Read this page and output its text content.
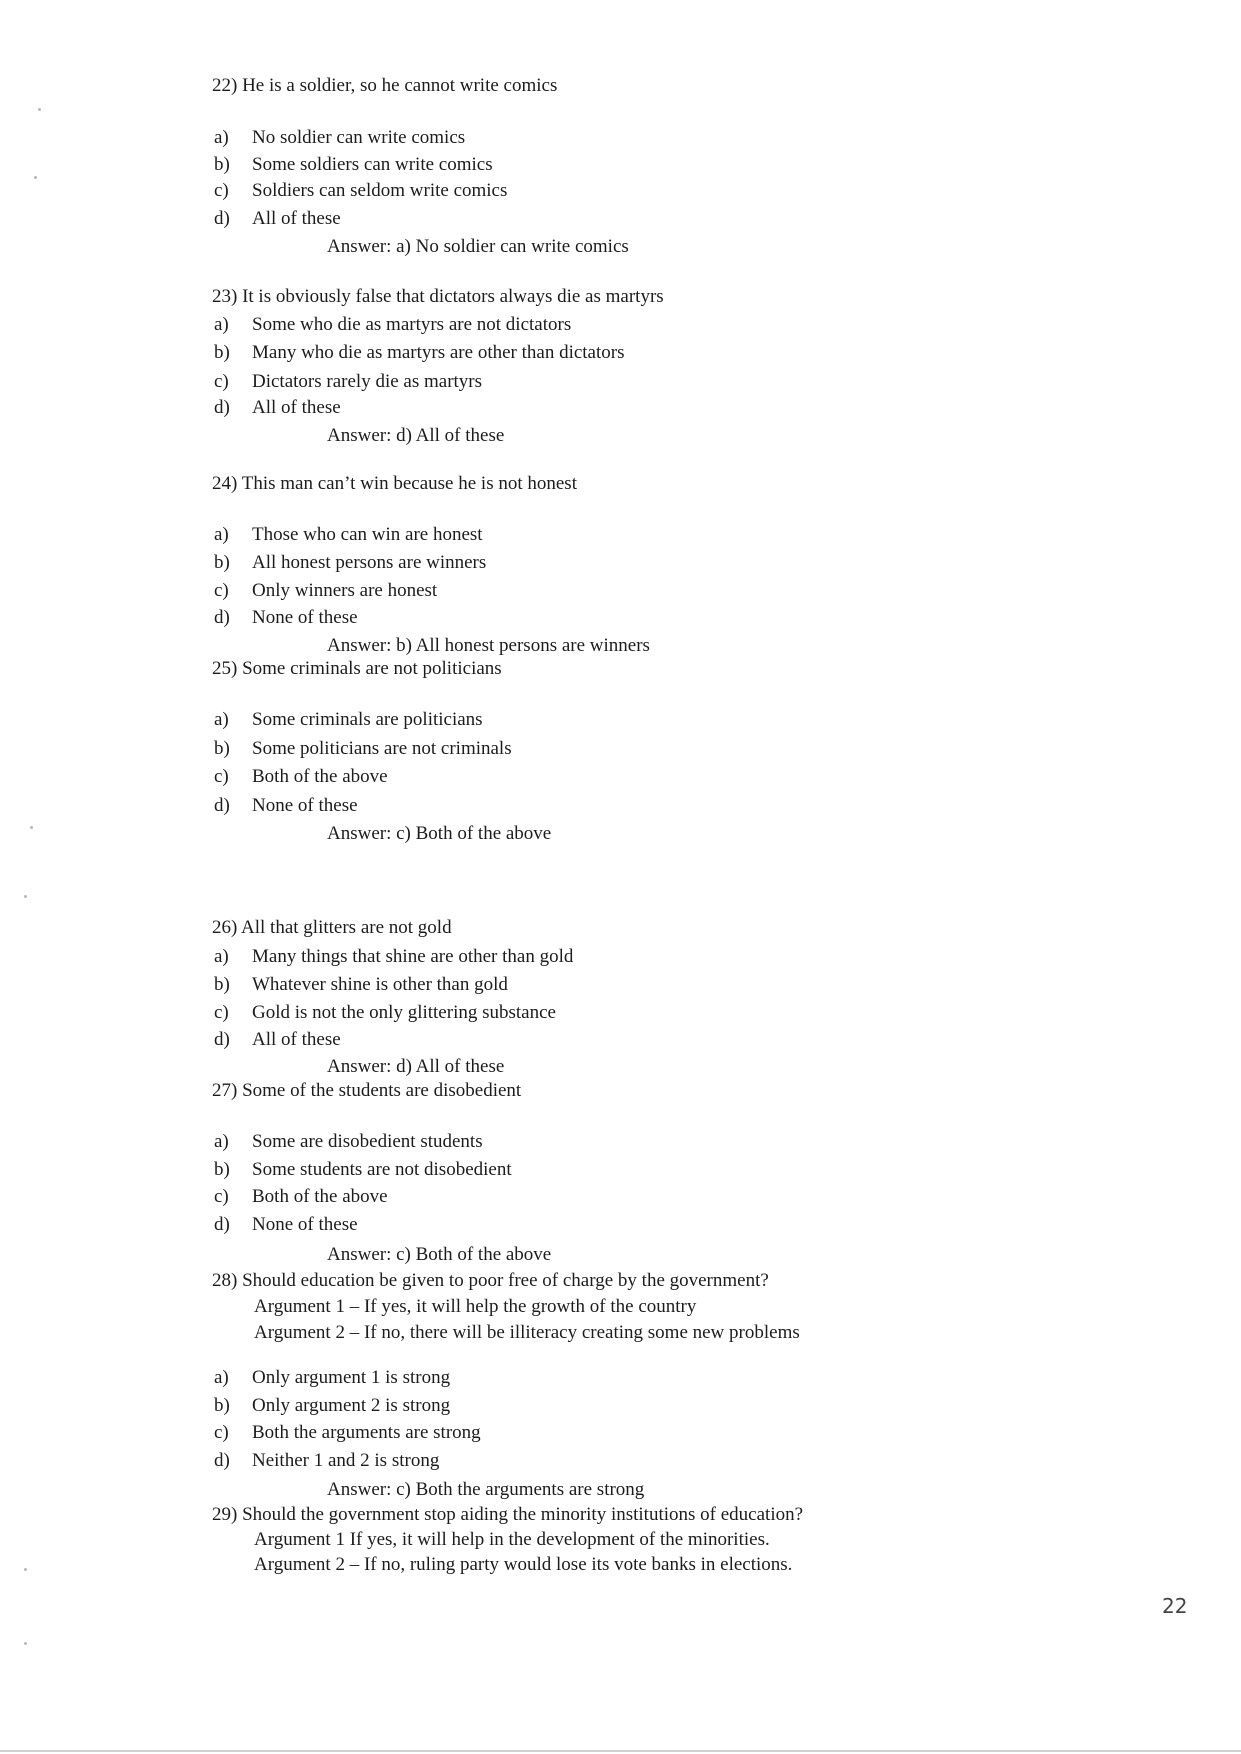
22) He is a soldier, so he cannot write comics
a) No soldier can write comics
b) Some soldiers can write comics
c) Soldiers can seldom write comics
d) All of these
Answer: a) No soldier can write comics
23) It is obviously false that dictators always die as martyrs
a) Some who die as martyrs are not dictators
b) Many who die as martyrs are other than dictators
c) Dictators rarely die as martyrs
d) All of these
Answer: d) All of these
24) This man can’t win because he is not honest
a) Those who can win are honest
b) All honest persons are winners
c) Only winners are honest
d) None of these
Answer: b) All honest persons are winners
25) Some criminals are not politicians
a) Some criminals are politicians
b) Some politicians are not criminals
c) Both of the above
d) None of these
Answer: c) Both of the above
26) All that glitters are not gold
a) Many things that shine are other than gold
b) Whatever shine is other than gold
c) Gold is not the only glittering substance
d) All of these
Answer: d) All of these
27) Some of the students are disobedient
a) Some are disobedient students
b) Some students are not disobedient
c) Both of the above
d) None of these
Answer: c) Both of the above
28) Should education be given to poor free of charge by the government?
Argument 1 – If yes, it will help the growth of the country
Argument 2 – If no, there will be illiteracy creating some new problems
a) Only argument 1 is strong
b) Only argument 2 is strong
c) Both the arguments are strong
d) Neither 1 and 2 is strong
Answer: c) Both the arguments are strong
29) Should the government stop aiding the minority institutions of education?
Argument 1 If yes, it will help in the development of the minorities.
Argument 2 – If no, ruling party would lose its vote banks in elections.
22
